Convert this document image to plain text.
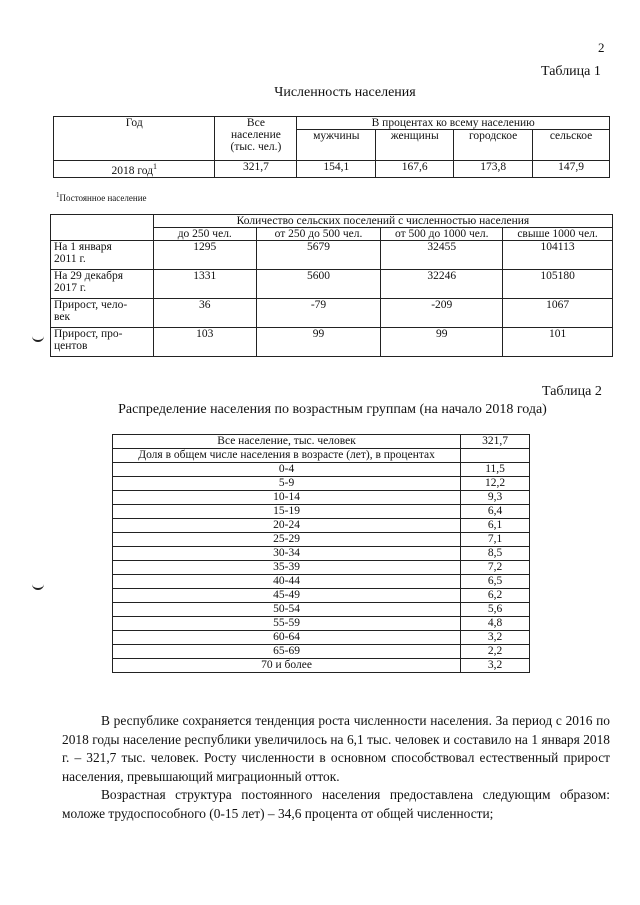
2
Таблица 1
Численность населения
Год	Все
население
(тыс. чел.)	В процентах ко всему населению			
		мужчины	женщины	городское	сельское
2018 год$^1$	321,7	154,1	167,6	173,8	147,9
$^1$Постоянное население
	Количество сельских поселений с численностью населения			
	до 250 чел.	от 250 до 500 чел.	от 500 до 1000 чел.	свыше 1000 чел.

На 1 января
2011 г.	1295	5679	32455	104113

На 29 декабря
2017 г.	1331	5600	32246	105180

Прирост, чело-
век	36	-79	-209	1067

Прирост, про-
центов	103	99	99	101
Таблица 2
Распределение населения по возрастным группам (на начало 2018 года)
Все население, тыс. человек	321,7
Доля в общем числе населения в возрасте (лет), в процентах	
0-4	11,5
5-9	12,2
10-14	9,3
15-19	6,4
20-24	6,1
25-29	7,1
30-34	8,5
35-39	7,2
40-44	6,5
45-49	6,2
50-54	5,6
55-59	4,8
60-64	3,2
65-69	2,2
70 и более	3,2
В республике сохраняется тенденция роста численности населения. За период с 2016 по 2018 годы население республики увеличилось на 6,1 тыс. человек и составило на 1 января 2018 г. – 321,7 тыс. человек. Росту численности в основном способствовал естественный прирост населения, превышающий миграционный отток.
Возрастная структура постоянного населения предоставлена следующим образом: моложе трудоспособного (0-15 лет) – 34,6 процента от общей численности;
